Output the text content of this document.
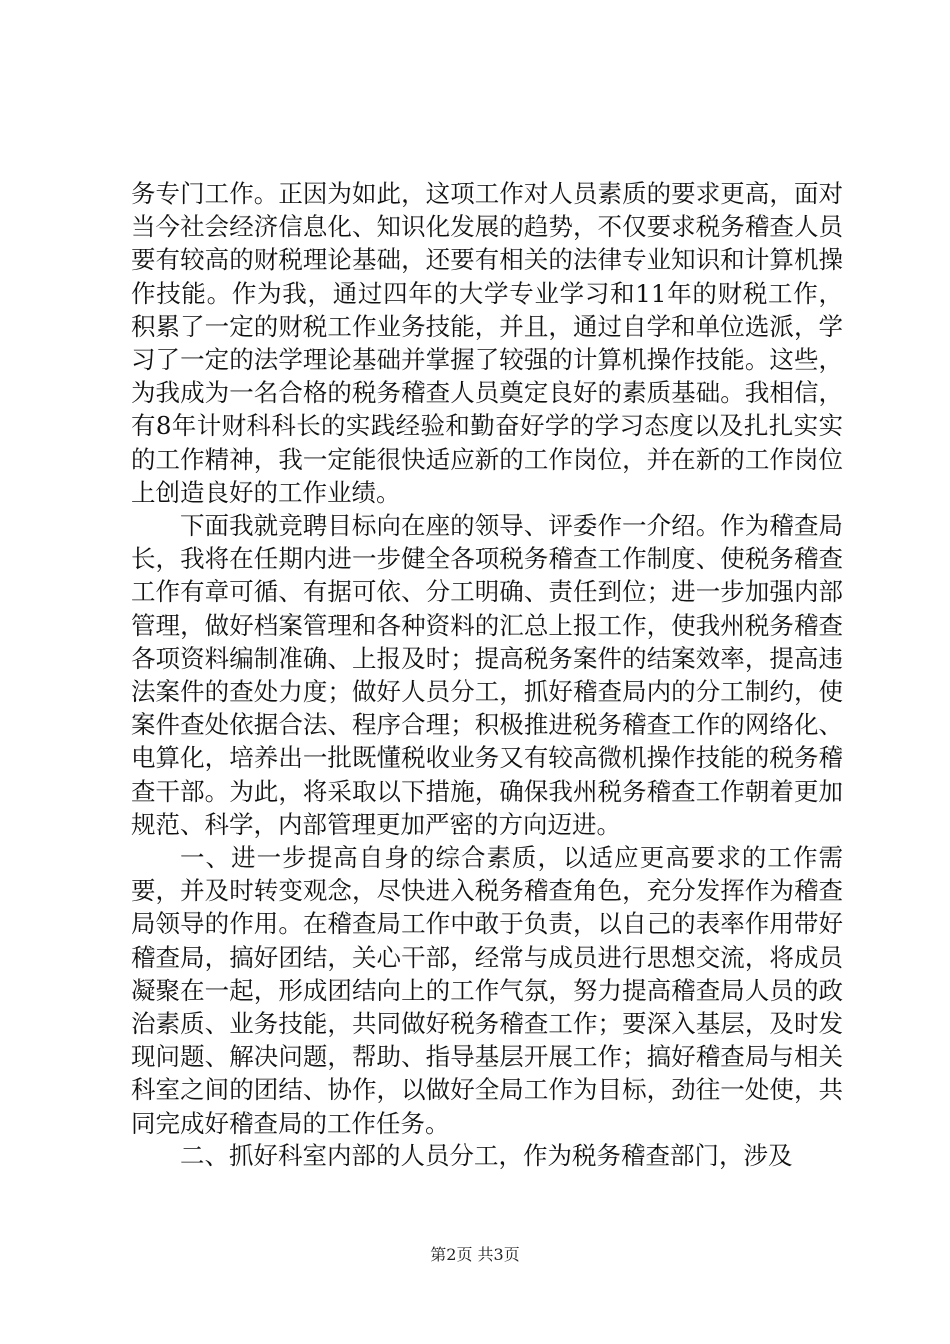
务专门工作。正因为如此，这项工作对人员素质的要求更高，面对当今社会经济信息化、知识化发展的趋势，不仅要求税务稽查人员要有较高的财税理论基础，还要有相关的法律专业知识和计算机操作技能。作为我，通过四年的大学专业学习和11年的财税工作，积累了一定的财税工作业务技能，并且，通过自学和单位选派，学习了一定的法学理论基础并掌握了较强的计算机操作技能。这些，为我成为一名合格的税务稽查人员奠定良好的素质基础。我相信，有8年计财科科长的实践经验和勤奋好学的学习态度以及扎扎实实的工作精神，我一定能很快适应新的工作岗位，并在新的工作岗位上创造良好的工作业绩。

下面我就竞聘目标向在座的领导、评委作一介绍。作为稽查局长，我将在任期内进一步健全各项税务稽查工作制度、使税务稽查工作有章可循、有据可依、分工明确、责任到位；进一步加强内部管理，做好档案管理和各种资料的汇总上报工作，使我州税务稽查各项资料编制准确、上报及时；提高税务案件的结案效率，提高违法案件的查处力度；做好人员分工，抓好稽查局内的分工制约，使案件查处依据合法、程序合理；积极推进税务稽查工作的网络化、电算化，培养出一批既懂税收业务又有较高微机操作技能的税务稽查干部。为此，将采取以下措施，确保我州税务稽查工作朝着更加规范、科学，内部管理更加严密的方向迈进。

一、进一步提高自身的综合素质，以适应更高要求的工作需要，并及时转变观念，尽快进入税务稽查角色，充分发挥作为稽查局领导的作用。在稽查局工作中敢于负责，以自己的表率作用带好稽查局，搞好团结，关心干部，经常与成员进行思想交流，将成员凝聚在一起，形成团结向上的工作气氛，努力提高稽查局人员的政治素质、业务技能，共同做好税务稽查工作；要深入基层，及时发现问题、解决问题，帮助、指导基层开展工作；搞好稽查局与相关科室之间的团结、协作，以做好全局工作为目标，劲往一处使，共同完成好稽查局的工作任务。

二、抓好科室内部的人员分工，作为税务稽查部门，涉及

第2页 共3页
